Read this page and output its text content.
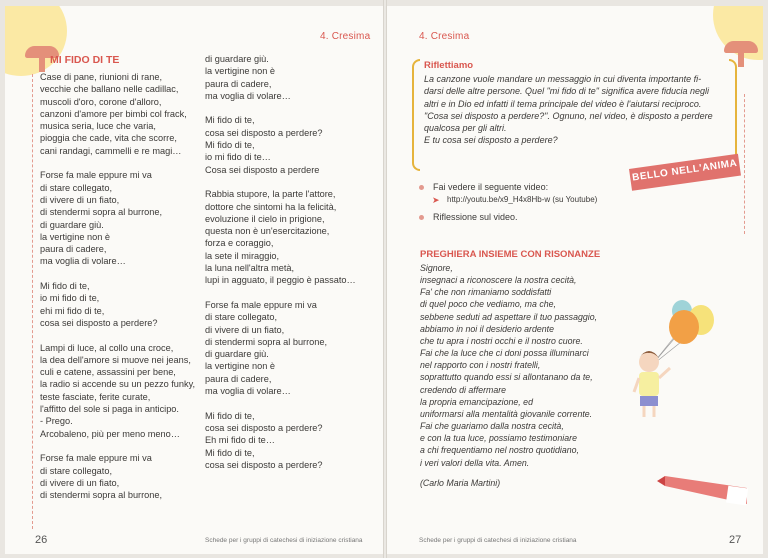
4. Cresima
MI FIDO DI TE

Case di pane, riunioni di rane,

vecchie che ballano nelle cadillac,

muscoli d'oro, corone d'alloro,

canzoni d'amore per bimbi col frack,

musica seria, luce che varia,

pioggia che cade, vita che scorre,

cani randagi, cammelli e re magi…

Forse fa male eppure mi va

di stare collegato,

di vivere di un fiato,

di stendermi sopra al burrone,

di guardare giù.

la vertigine non è

paura di cadere,

ma voglia di volare…

Mi fido di te,

io mi fido di te,

ehi mi fido di te,

cosa sei disposto a perdere?

Lampi di luce, al collo una croce,

la dea dell'amore si muove nei jeans,

culi e catene, assassini per bene,

la radio si accende su un pezzo funky,

teste fasciate, ferite curate,

l'affitto del sole si paga in anticipo.

- Prego.

Arcobaleno, più per meno meno…

Forse fa male eppure mi va

di stare collegato,

di vivere di un fiato,

di stendermi sopra al burrone,

di guardare giù.

la vertigine non è

paura di cadere,

ma voglia di volare…

Mi fido di te,

cosa sei disposto a perdere?

Mi fido di te,

io mi fido di te…

Cosa sei disposto a perdere

Rabbia stupore, la parte l'attore,

dottore che sintomi ha la felicità,

evoluzione il cielo in prigione,

questa non è un'esercitazione,

forza e coraggio,

la sete il miraggio,

la luna nell'altra metà,

lupi in agguato, il peggio è passato…

Forse fa male eppure mi va

di stare collegato,

di vivere di un fiato,

di stendermi sopra al burrone,

di guardare giù.

la vertigine non è

paura di cadere,

ma voglia di volare…

Mi fido di te,

cosa sei disposto a perdere?

Eh mi fido di te…

Mi fido di te,

cosa sei disposto a perdere?

26	Schede per i gruppi di catechesi di iniziazione cristiana
4. Cresima
Riflettiamo

La canzone vuole mandare un messaggio in cui diventa importante fi-

darsi delle altre persone. Quel "mi fido di te" significa avere fiducia negli

altri e in Dio ed infatti il tema principale del video è l'aiutarsi reciproco.

"Cosa sei disposto a perdere?". Ognuno, nel video, è disposto a perdere

qualcosa per gli altri.

E tu cosa sei disposto a perdere?

Fai vedere il seguente video:
➤ http://youtu.be/x9_H4x8Hb-w (su Youtube)
Riflessione sul video.
BELLO NELL'ANIMA
PREGHIERA INSIEME CON RISONANZE

Signore,

insegnaci a riconoscere la nostra cecità,

Fa' che non rimaniamo soddisfatti

di quel poco che vediamo, ma che,

sebbene seduti ad aspettare il tuo passaggio,

abbiamo in noi il desiderio ardente

che tu apra i nostri occhi e il nostro cuore.

Fai che la luce che ci doni possa illuminarci

nel rapporto con i nostri fratelli,

soprattutto quando essi si allontanano da te,

credendo di affermare

la propria emancipazione, ed

uniformarsi alla mentalità giovanile corrente.

Fai che guariamo dalla nostra cecità,

e con la tua luce, possiamo testimoniare

a chi frequentiamo nel nostro quotidiano,

i veri valori della vita. Amen.

(Carlo Maria Martini)
Schede per i gruppi di catechesi di iniziazione cristiana	27
